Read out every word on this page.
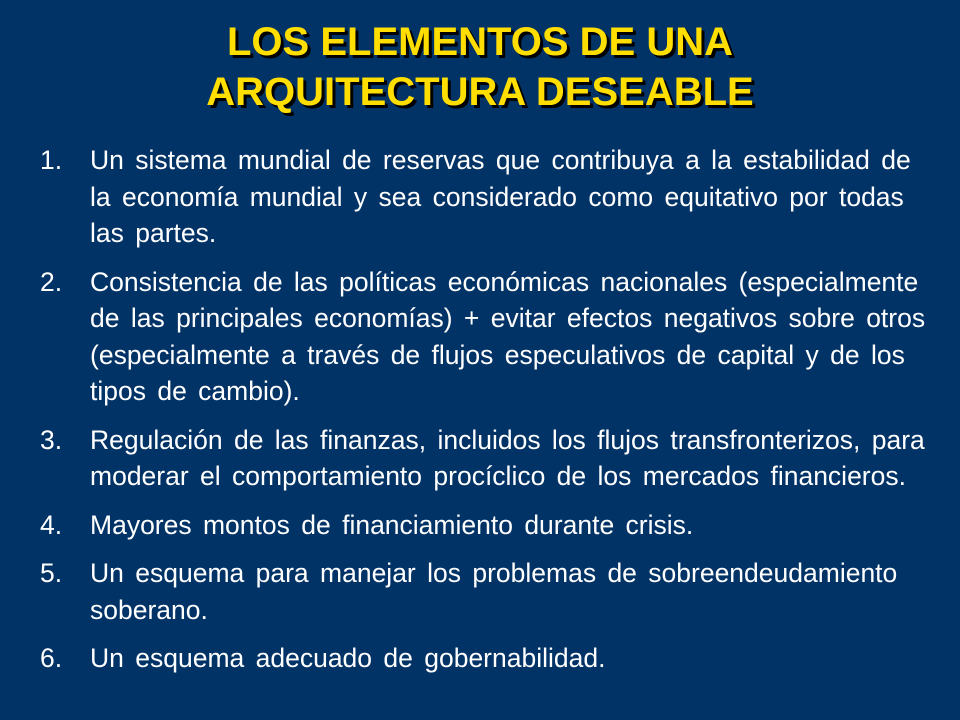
LOS ELEMENTOS DE UNA
ARQUITECTURA DESEABLE
1.	Un sistema mundial de reservas que contribuya a la estabilidad de la economía mundial y sea considerado como equitativo por todas las partes.
2.	Consistencia de las políticas económicas nacionales (especialmente de las principales economías) + evitar efectos negativos sobre otros (especialmente a través de flujos especulativos de capital y de los tipos de cambio).
3.	Regulación de las finanzas, incluidos los flujos transfronterizos, para moderar el comportamiento procíclico de los mercados financieros.
4.	Mayores montos de financiamiento durante crisis.
5.	Un esquema para manejar los problemas de sobreendeudamiento soberano.
6.	Un esquema adecuado de gobernabilidad.
